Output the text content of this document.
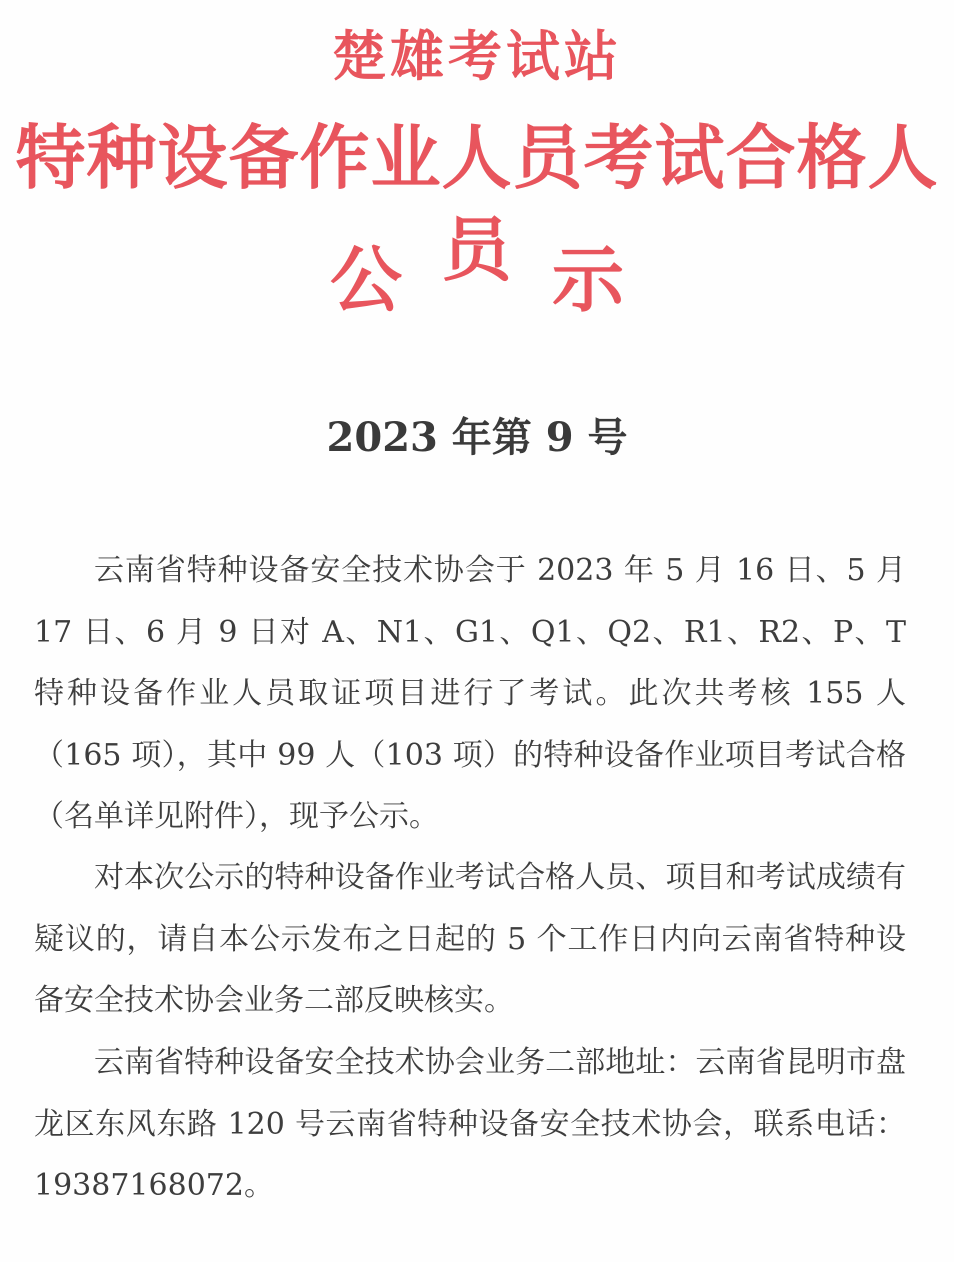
楚雄考试站
特种设备作业人员考试合格人员
公 示
2023 年第 9 号

云南省特种设备安全技术协会于 2023 年 5 月 16 日、5 月 17 日、6 月 9 日对 A、N1、G1、Q1、Q2、R1、R2、P、T 特种设备作业人员取证项目进行了考试。此次共考核 155 人（165 项），其中 99 人（103 项）的特种设备作业项目考试合格（名单详见附件），现予公示。

对本次公示的特种设备作业考试合格人员、项目和考试成绩有疑议的，请自本公示发布之日起的 5 个工作日内向云南省特种设备安全技术协会业务二部反映核实。

云南省特种设备安全技术协会业务二部地址：云南省昆明市盘龙区东风东路 120 号云南省特种设备安全技术协会，联系电话：19387168072。
